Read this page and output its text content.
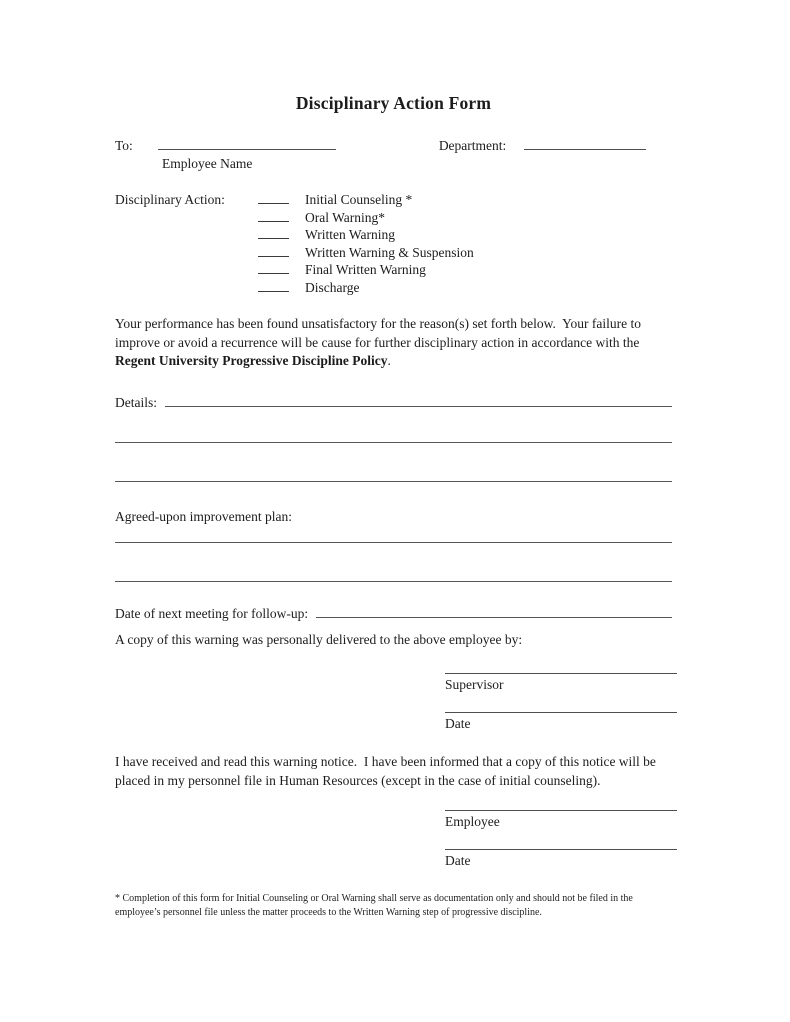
Disciplinary Action Form
To:	Department:
Employee Name
Disciplinary Action:	Initial Counseling *
Oral Warning*
Written Warning
Written Warning & Suspension
Final Written Warning
Discharge

Your performance has been found unsatisfactory for the reason(s) set forth below.  Your failure to improve or avoid a recurrence will be cause for further disciplinary action in accordance with the Regent University Progressive Discipline Policy.

Details:
Agreed-upon improvement plan:
Date of next meeting for follow-up:

A copy of this warning was personally delivered to the above employee by:

Supervisor
Date

I have received and read this warning notice.  I have been informed that a copy of this notice will be placed in my personnel file in Human Resources (except in the case of initial counseling).

Employee
Date

* Completion of this form for Initial Counseling or Oral Warning shall serve as documentation only and should not be filed in the employee’s personnel file unless the matter proceeds to the Written Warning step of progressive discipline.
